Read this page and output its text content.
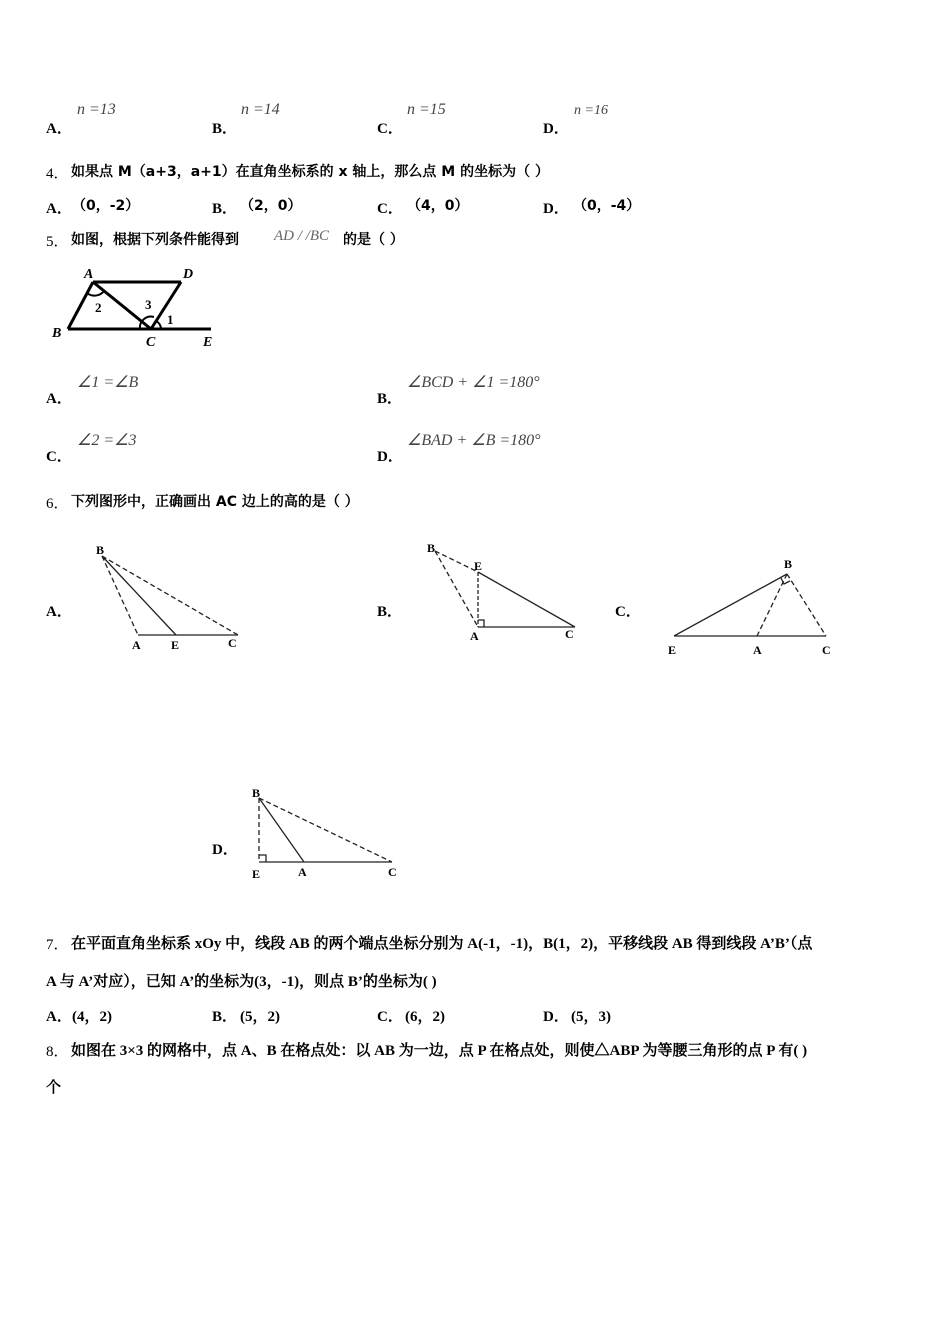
A．
n =13
B．
n =14
C．
n =15
D．
n =16
4． 如果点 M（a+3，a+1）在直角坐标系的 x 轴上，那么点 M 的坐标为（ ）
A． （0，-2）	B． （2，0）	C． （4，0）	D． （0，-4）
5． 如图，根据下列条件能得到 AD / /BC 的是（ ）
A	D
B
C	E
1
2	3
A．
∠1 =∠B
B．
∠BCD + ∠1 =180°
C．
∠2 =∠3
D．
∠BAD + ∠B =180°
6． 下列图形中，正确画出 AC 边上的高的是（ ）
A．
B
A	E	C
B．
B
E
A	C
C．
B
E	A	C
D．
B
E	A	C
7． 在平面直角坐标系 xOy 中，线段 AB 的两个端点坐标分别为 A(-1，-1)，B(1，2)，平移线段 AB 得到线段 A’B’（点
A 与 A’对应），已知 A’的坐标为(3，-1)，则点 B’的坐标为( )
A． (4，2)	B． (5，2)	C． (6，2)	D． (5，3)
8． 如图在 3×3 的网格中，点 A、B 在格点处：以 AB 为一边，点 P 在格点处，则使△ABP 为等腰三角形的点 P 有( )
个
